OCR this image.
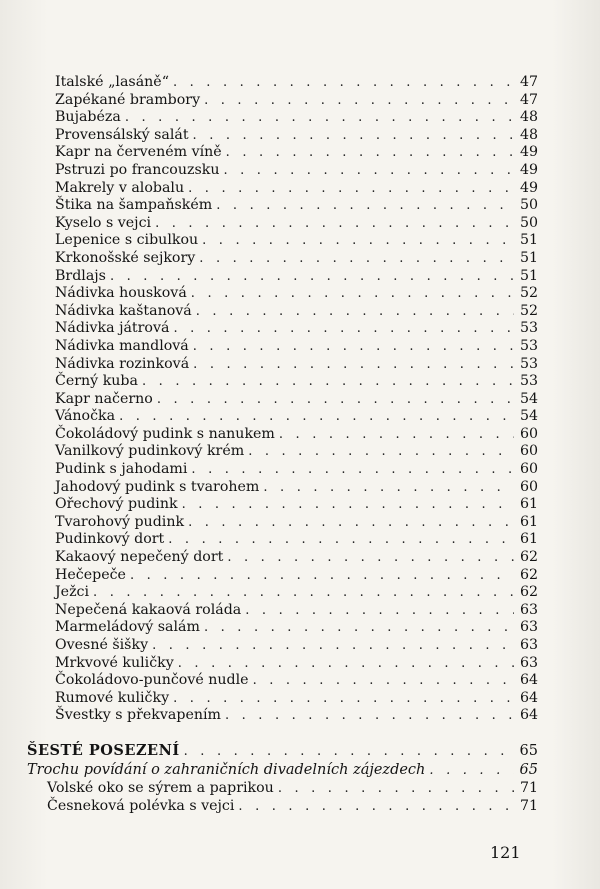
Italské „lasáně“ . . .	47
Zapékané brambory . . .	47
Bujabéza . . .	48
Provensálský salát . . .	48
Kapr na červeném víně . . .	49
Pstruzi po francouzsku . . .	49
Makrely v alobalu . . .	49
Štika na šampaňském . . .	50
Kyselo s vejci . . .	50
Lepenice s cibulkou . . .	51
Krkonošské sejkory . . .	51
Brdlajs . . .	51
Nádivka housková . . .	52
Nádivka kaštanová . . .	52
Nádivka játrová . . .	53
Nádivka mandlová . . .	53
Nádivka rozinková . . .	53
Černý kuba . . .	53
Kapr načerno . . .	54
Vánočka . . .	54
Čokoládový pudink s nanukem . . .	60
Vanilkový pudinkový krém . . .	60
Pudink s jahodami . . .	60
Jahodový pudink s tvarohem . . .	60
Ořechový pudink . . .	61
Tvarohový pudink . . .	61
Pudinkový dort . . .	61
Kakaový nepečený dort . . .	62
Hečepeče . . .	62
Ježci . . .	62
Nepečená kakaová roláda . . .	63
Marmeládový salám . . .	63
Ovesné šišky . . .	63
Mrkvové kuličky . . .	63
Čokoládovo-punčové nudle . . .	64
Rumové kuličky . . .	64
Švestky s překvapením . . .	64
ŠESTÉ POSEZENÍ . . .	65
Trochu povídání o zahraničních divadelních zájezdech . . .	65
Volské oko se sýrem a paprikou . . .	71
Česneková polévka s vejci . . .	71
121
